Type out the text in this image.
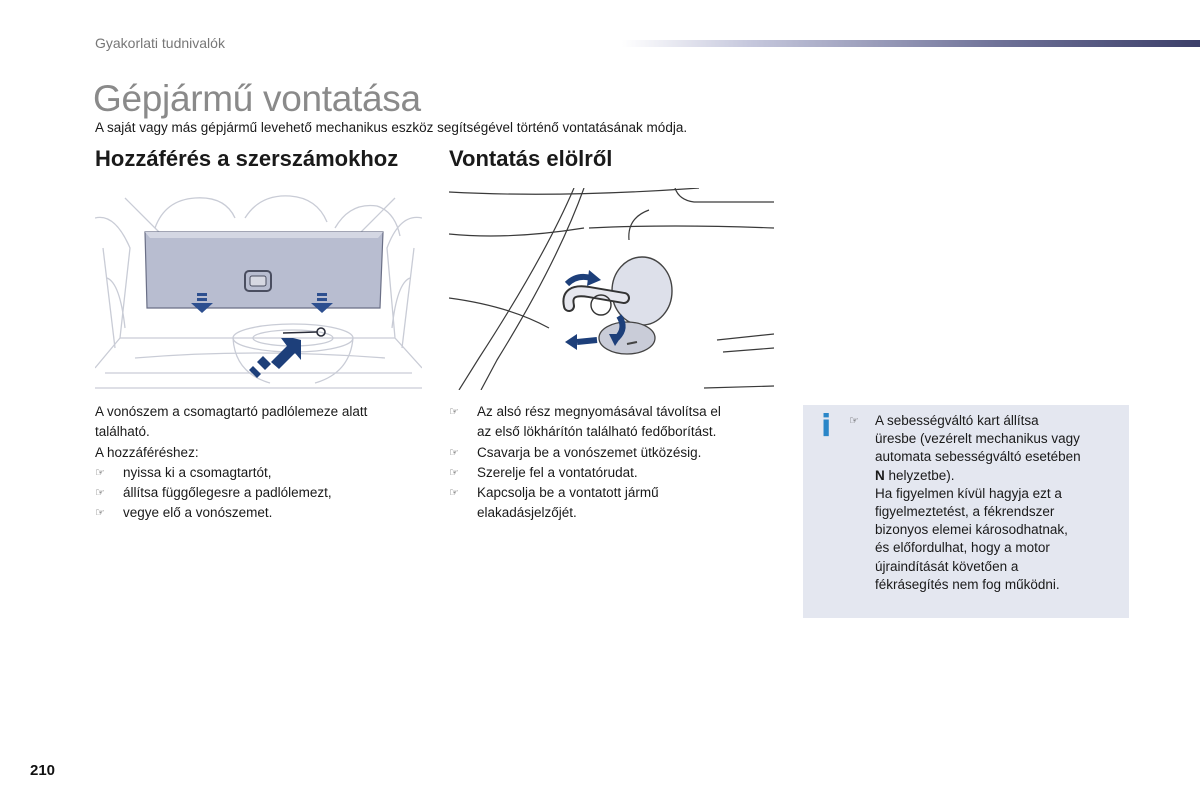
Gyakorlati tudnivalók
Gépjármű vontatása
A saját vagy más gépjármű levehető mechanikus eszköz segítségével történő vontatásának módja.
Hozzáférés a szerszámokhoz Vontatás elölről
A vonószem a csomagtartó padlólemeze alatt
található.
A hozzáféréshez:
☞ nyissa ki a csomagtartót,
☞ állítsa függőlegesre a padlólemezt,
☞ vegye elő a vonószemet.
☞ Az alsó rész megnyomásával távolítsa el
az első lökhárítón található fedőborítást.
☞ Csavarja be a vonószemet ütközésig.
☞ Szerelje fel a vontatórudat.
☞ Kapcsolja be a vontatott jármű
elakadásjelzőjét.
i ☞ A sebességváltó kart állítsa
üresbe (vezérelt mechanikus vagy
automata sebességváltó esetében
N helyzetbe).
Ha figyelmen kívül hagyja ezt a
figyelmeztetést, a fékrendszer
bizonyos elemei károsodhatnak,
és előfordulhat, hogy a motor
újraindítását követően a
fékrásegítés nem fog működni.
210
